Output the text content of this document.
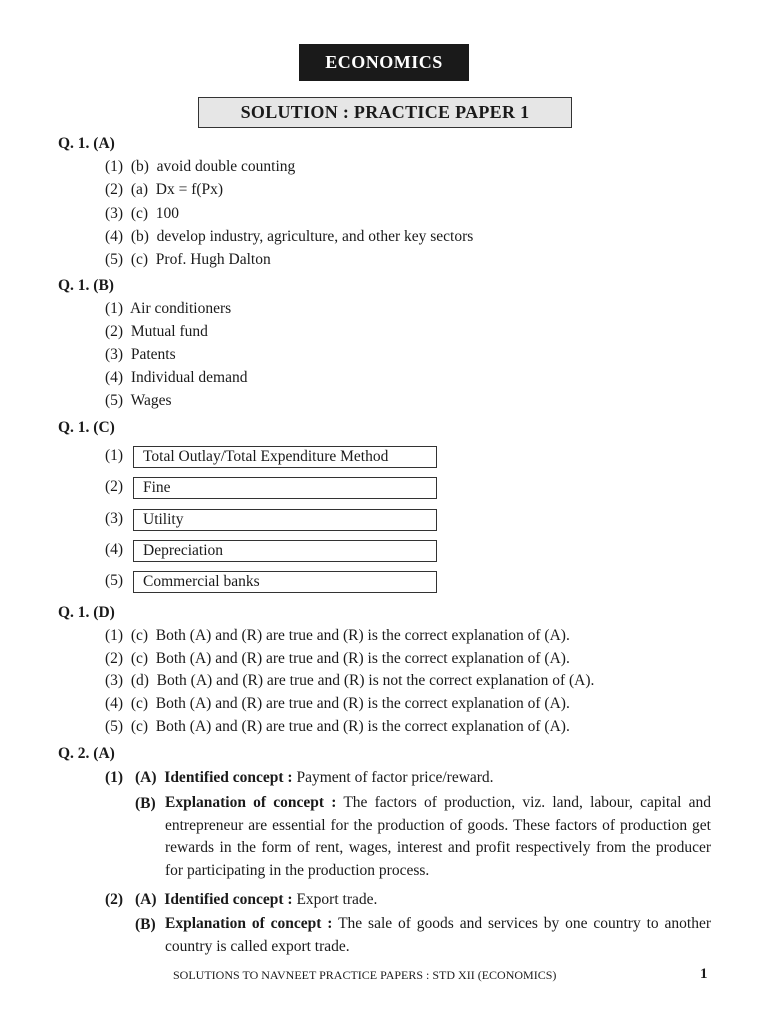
ECONOMICS
SOLUTION : PRACTICE PAPER 1
Q. 1. (A)
(1) (b) avoid double counting
(2) (a) Dx = f(Px)
(3) (c) 100
(4) (b) develop industry, agriculture, and other key sectors
(5) (c) Prof. Hugh Dalton
Q. 1. (B)
(1) Air conditioners
(2) Mutual fund
(3) Patents
(4) Individual demand
(5) Wages
Q. 1. (C)
(1)	Total Outlay/Total Expenditure Method
(2)	Fine
(3)	Utility
(4)	Depreciation
(5)	Commercial banks
Q. 1. (D)
(1) (c) Both (A) and (R) are true and (R) is the correct explanation of (A).
(2) (c) Both (A) and (R) are true and (R) is the correct explanation of (A).
(3) (d) Both (A) and (R) are true and (R) is not the correct explanation of (A).
(4) (c) Both (A) and (R) are true and (R) is the correct explanation of (A).
(5) (c) Both (A) and (R) are true and (R) is the correct explanation of (A).
Q. 2. (A)
(1) (A) Identified concept : Payment of factor price/reward.
(B) Explanation of concept : The factors of production, viz. land, labour, capital and entrepreneur are essential for the production of goods. These factors of production get rewards in the form of rent, wages, interest and profit respectively from the producer for participating in the production process.
(2) (A) Identified concept : Export trade.
(B) Explanation of concept : The sale of goods and services by one country to another country is called export trade.
SOLUTIONS TO NAVNEET PRACTICE PAPERS : STD XII (ECONOMICS)	1
